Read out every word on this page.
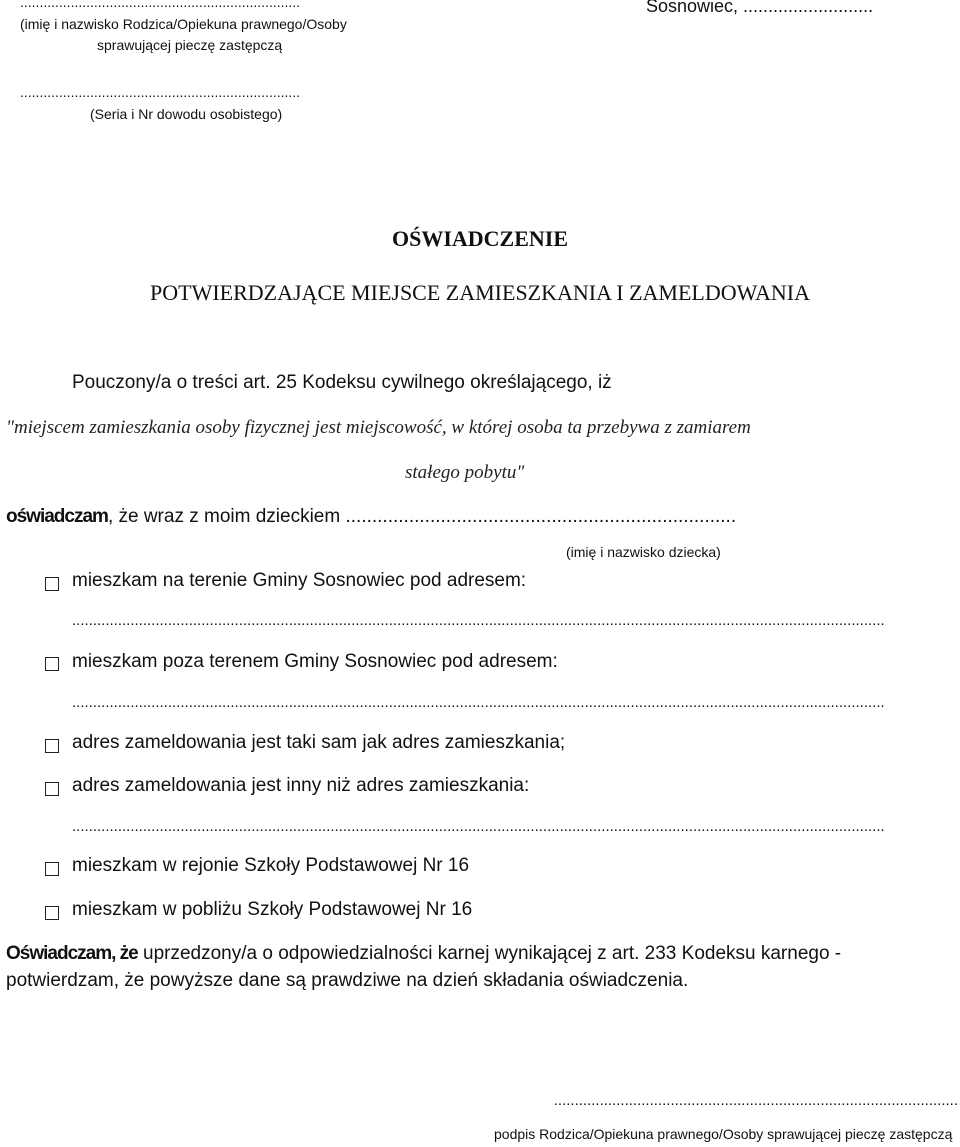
........................................................................
(imię i nazwisko Rodzica/Opiekuna prawnego/Osoby
sprawującej pieczę zastępczą
Sosnowiec, ..........................
........................................................................
(Seria i Nr dowodu osobistego)
OŚWIADCZENIE
POTWIERDZAJĄCE MIEJSCE ZAMIESZKANIA I ZAMELDOWANIA
Pouczony/a o treści art. 25 Kodeksu cywilnego określającego, iż
"miejscem zamieszkania osoby fizycznej jest miejscowość, w której osoba ta przebywa z zamiarem
stałego pobytu"
oświadczam, że wraz z moim dzieckiem ..........................................................................
(imię i nazwisko dziecka)
mieszkam na terenie Gminy Sosnowiec pod adresem:
...................................................................................................................................................................................................
mieszkam poza terenem Gminy Sosnowiec pod adresem:
...................................................................................................................................................................................................
adres zameldowania jest taki sam jak adres zamieszkania;
adres zameldowania jest inny niż adres zamieszkania:
...................................................................................................................................................................................................
mieszkam w rejonie Szkoły Podstawowej Nr 16
mieszkam w pobliżu Szkoły Podstawowej Nr 16
Oświadczam, że uprzedzony/a o odpowiedzialności karnej wynikającej z art. 233 Kodeksu karnego -
potwierdzam, że powyższe dane są prawdziwe na dzień składania oświadczenia.
.................................................................................................
podpis Rodzica/Opiekuna prawnego/Osoby sprawującej pieczę zastępczą
